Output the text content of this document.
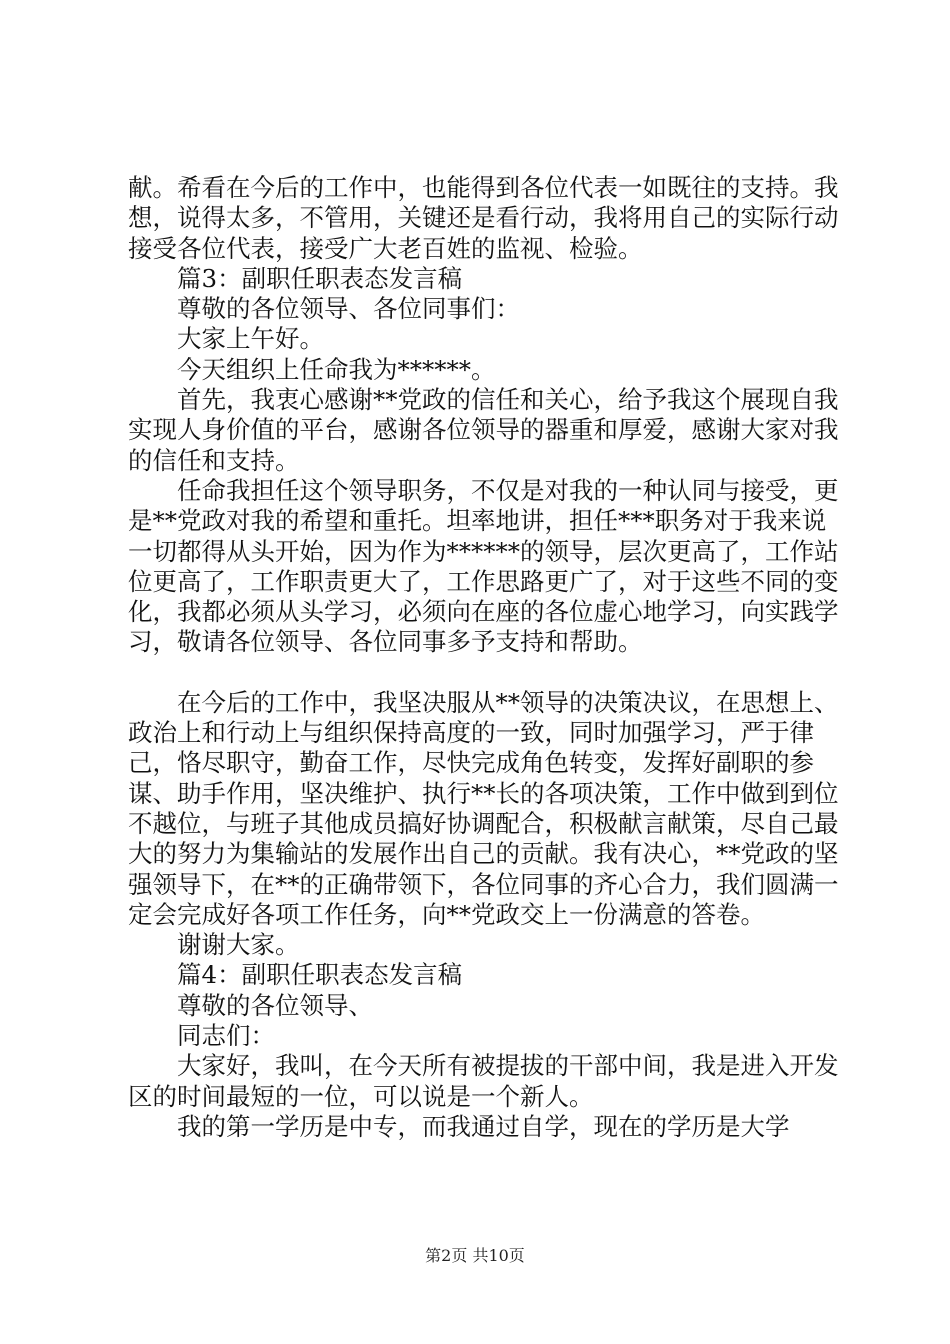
献。希看在今后的工作中，也能得到各位代表一如既往的支持。我想，说得太多，不管用，关键还是看行动，我将用自己的实际行动接受各位代表，接受广大老百姓的监视、检验。

篇3：副职任职表态发言稿

尊敬的各位领导、各位同事们：

大家上午好。

今天组织上任命我为******。

首先，我衷心感谢**党政的信任和关心，给予我这个展现自我实现人身价值的平台，感谢各位领导的器重和厚爱，感谢大家对我的信任和支持。

任命我担任这个领导职务，不仅是对我的一种认同与接受，更是**党政对我的希望和重托。坦率地讲，担任***职务对于我来说一切都得从头开始，因为作为******的领导，层次更高了，工作站位更高了，工作职责更大了，工作思路更广了，对于这些不同的变化，我都必须从头学习，必须向在座的各位虚心地学习，向实践学习，敬请各位领导、各位同事多予支持和帮助。

在今后的工作中，我坚决服从**领导的决策决议，在思想上、政治上和行动上与组织保持高度的一致，同时加强学习，严于律己，恪尽职守，勤奋工作，尽快完成角色转变，发挥好副职的参谋、助手作用，坚决维护、执行**长的各项决策，工作中做到到位不越位，与班子其他成员搞好协调配合，积极献言献策，尽自己最大的努力为集输站的发展作出自己的贡献。我有决心，**党政的坚强领导下，在**的正确带领下，各位同事的齐心合力，我们圆满一定会完成好各项工作任务，向**党政交上一份满意的答卷。

谢谢大家。

篇4：副职任职表态发言稿

尊敬的各位领导、

同志们：

大家好，我叫，在今天所有被提拔的干部中间，我是进入开发区的时间最短的一位，可以说是一个新人。

我的第一学历是中专，而我通过自学，现在的学历是大学

第2页 共10页
